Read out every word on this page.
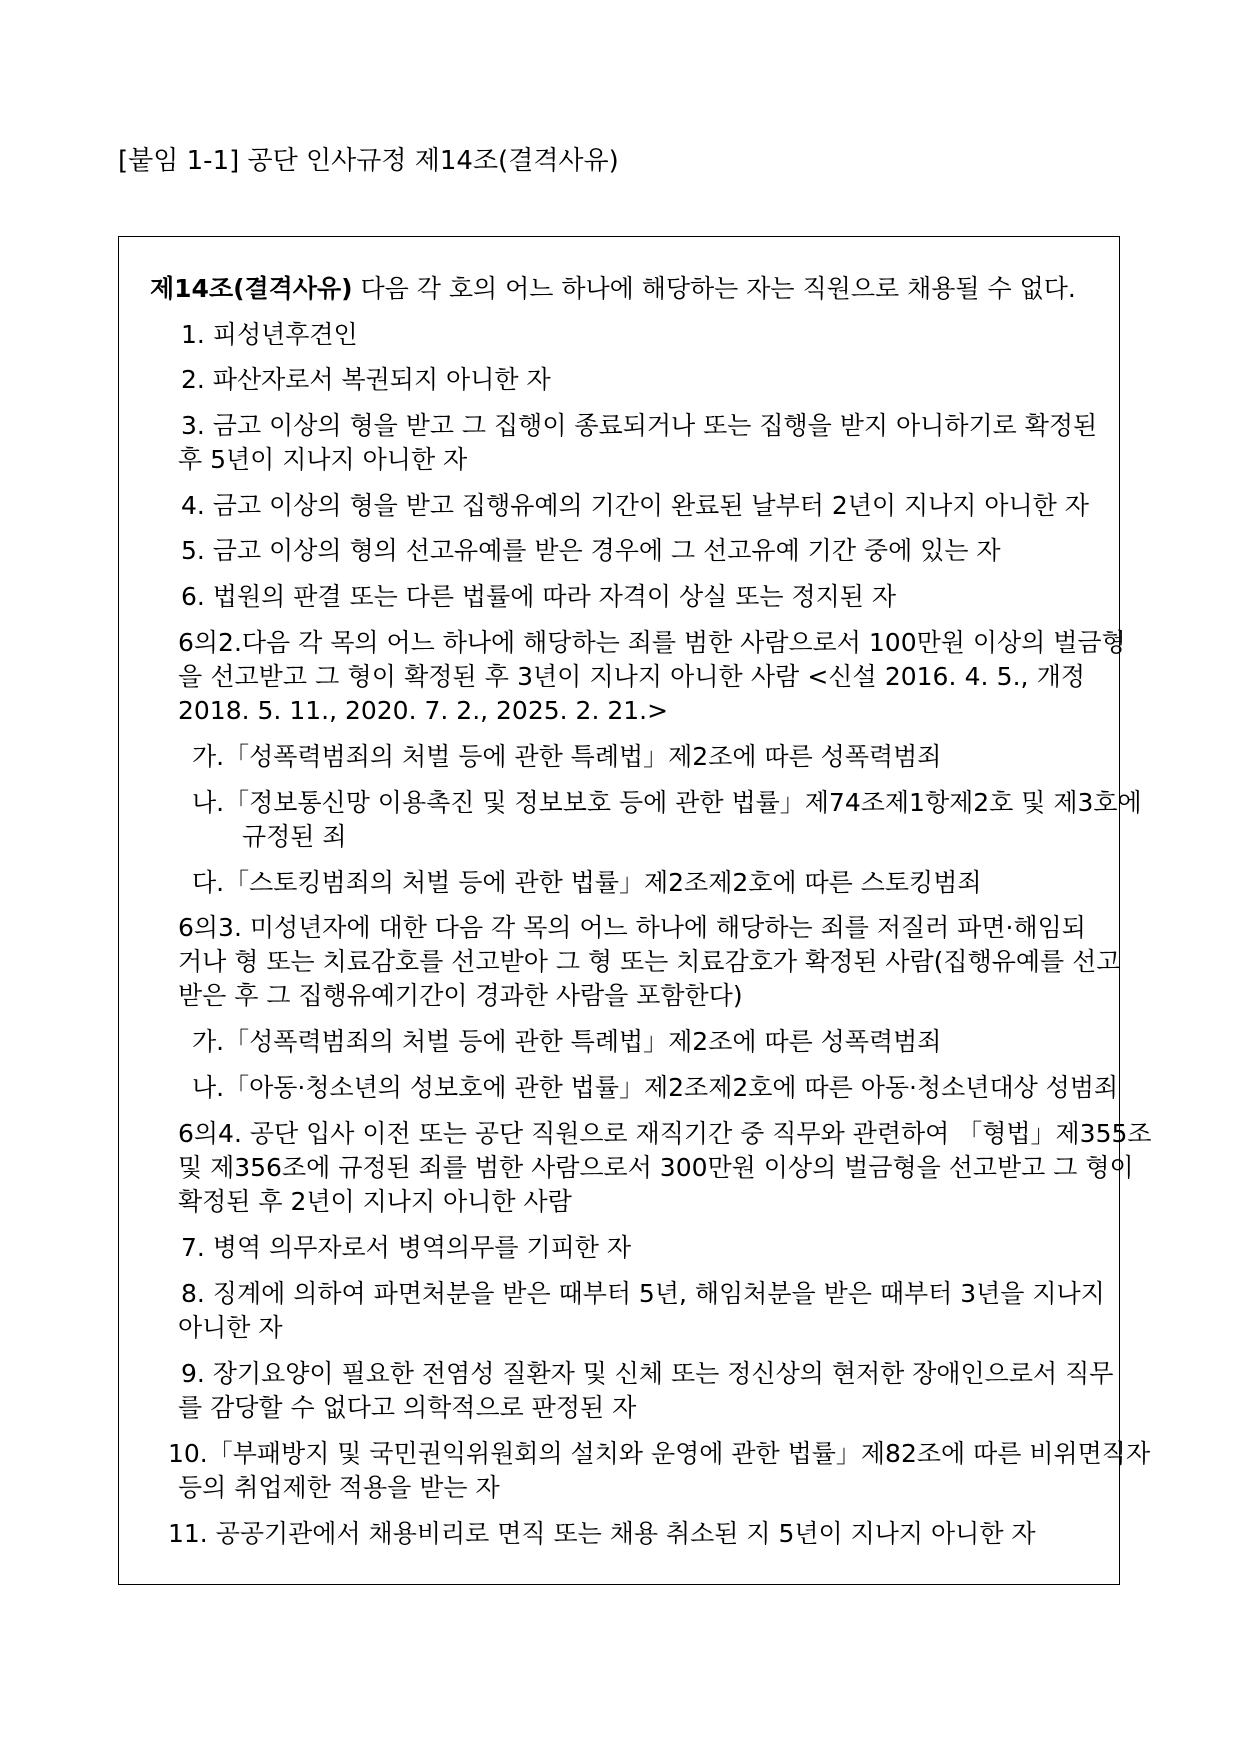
[붙임 1-1] 공단 인사규정 제14조(결격사유)
제14조(결격사유) 다음 각 호의 어느 하나에 해당하는 자는 직원으로 채용될 수 없다.
1. 피성년후견인
2. 파산자로서 복권되지 아니한 자
3. 금고 이상의 형을 받고 그 집행이 종료되거나 또는 집행을 받지 아니하기로 확정된
후 5년이 지나지 아니한 자
4. 금고 이상의 형을 받고 집행유예의 기간이 완료된 날부터 2년이 지나지 아니한 자
5. 금고 이상의 형의 선고유예를 받은 경우에 그 선고유예 기간 중에 있는 자
6. 법원의 판결 또는 다른 법률에 따라 자격이 상실 또는 정지된 자
6의2.다음 각 목의 어느 하나에 해당하는 죄를 범한 사람으로서 100만원 이상의 벌금형
을 선고받고 그 형이 확정된 후 3년이 지나지 아니한 사람 <신설 2016. 4. 5., 개정
2018. 5. 11., 2020. 7. 2., 2025. 2. 21.>
가.「성폭력범죄의 처벌 등에 관한 특례법」제2조에 따른 성폭력범죄
나.「정보통신망 이용촉진 및 정보보호 등에 관한 법률」제74조제1항제2호 및 제3호에
규정된 죄
다.「스토킹범죄의 처벌 등에 관한 법률」제2조제2호에 따른 스토킹범죄
6의3. 미성년자에 대한 다음 각 목의 어느 하나에 해당하는 죄를 저질러 파면·해임되
거나 형 또는 치료감호를 선고받아 그 형 또는 치료감호가 확정된 사람(집행유예를 선고
받은 후 그 집행유예기간이 경과한 사람을 포함한다)
가.「성폭력범죄의 처벌 등에 관한 특례법」제2조에 따른 성폭력범죄
나.「아동·청소년의 성보호에 관한 법률」제2조제2호에 따른 아동·청소년대상 성범죄
6의4. 공단 입사 이전 또는 공단 직원으로 재직기간 중 직무와 관련하여 「형법」제355조
및 제356조에 규정된 죄를 범한 사람으로서 300만원 이상의 벌금형을 선고받고 그 형이
확정된 후 2년이 지나지 아니한 사람
7. 병역 의무자로서 병역의무를 기피한 자
8. 징계에 의하여 파면처분을 받은 때부터 5년, 해임처분을 받은 때부터 3년을 지나지
아니한 자
9. 장기요양이 필요한 전염성 질환자 및 신체 또는 정신상의 현저한 장애인으로서 직무
를 감당할 수 없다고 의학적으로 판정된 자
10.「부패방지 및 국민권익위원회의 설치와 운영에 관한 법률」제82조에 따른 비위면직자
등의 취업제한 적용을 받는 자
11. 공공기관에서 채용비리로 면직 또는 채용 취소된 지 5년이 지나지 아니한 자
